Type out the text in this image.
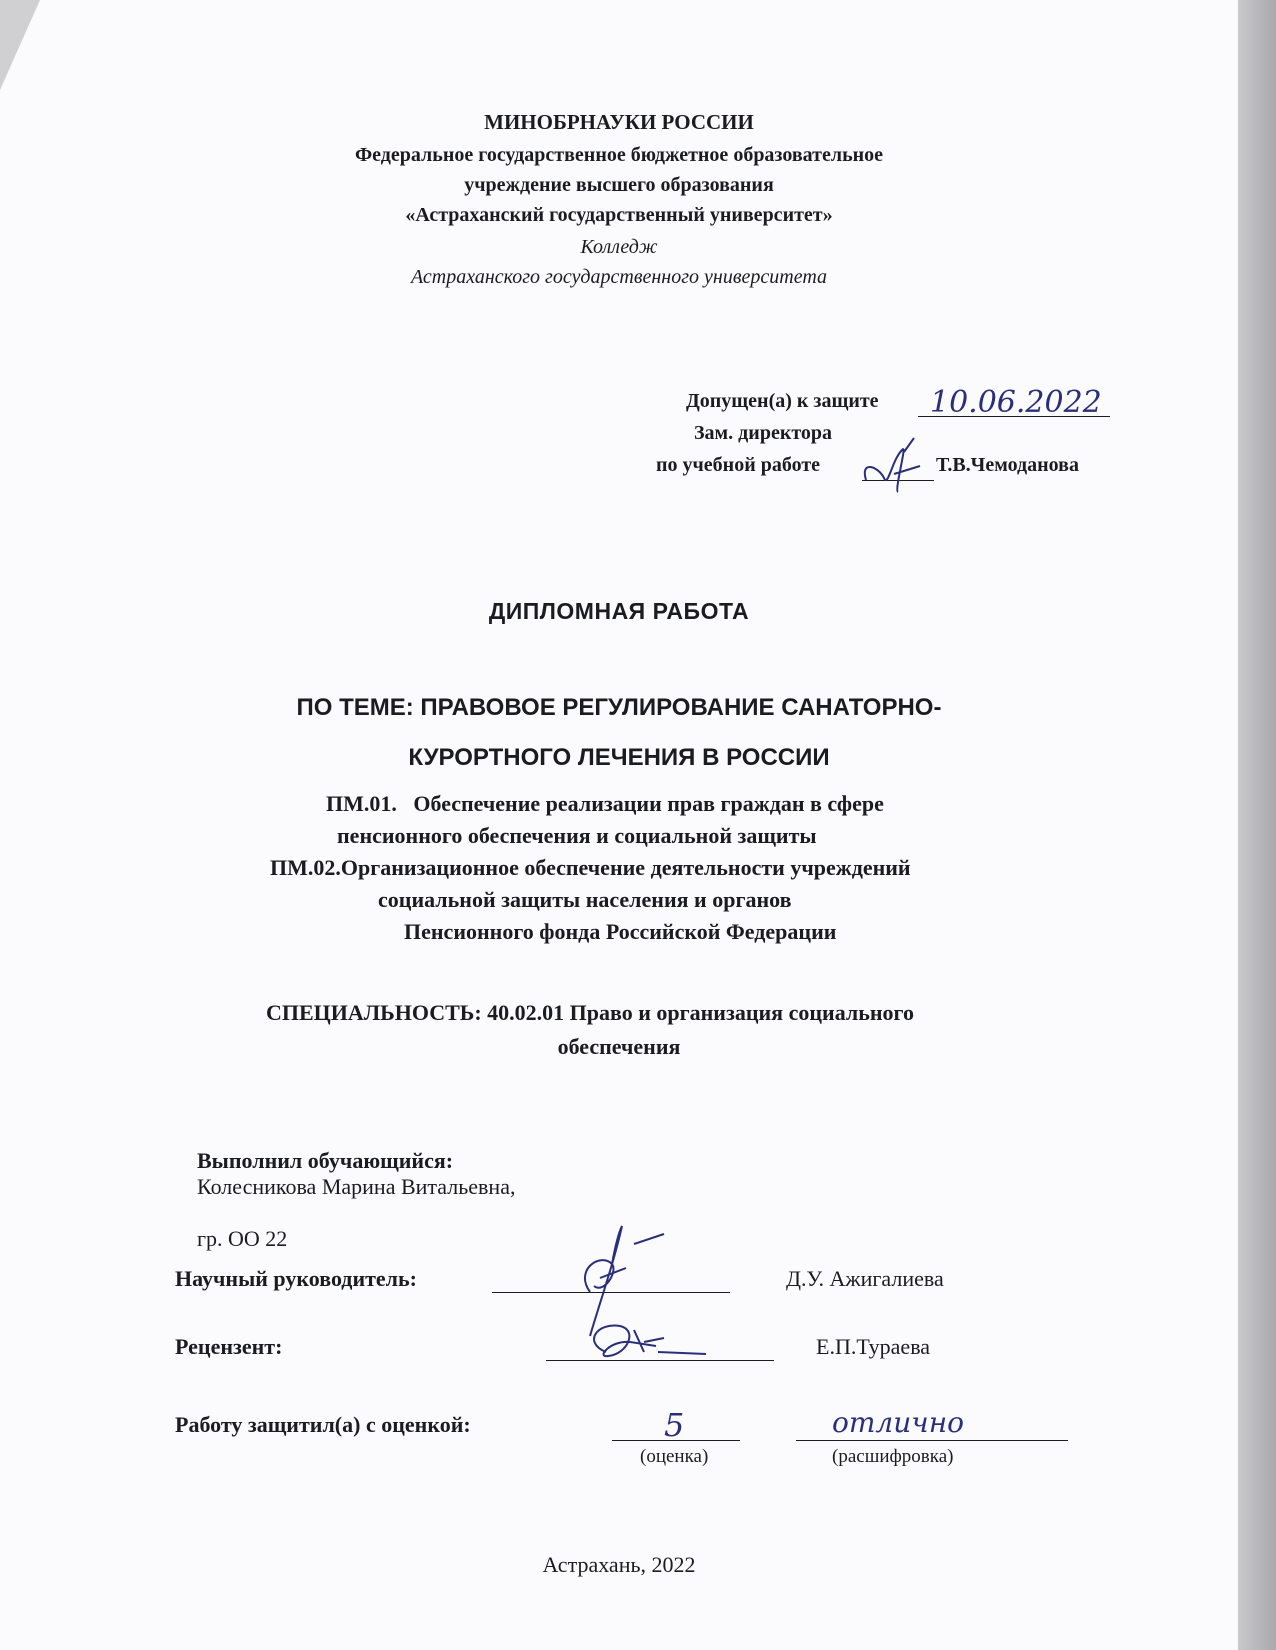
МИНОБРНАУКИ РОССИИ
Федеральное государственное бюджетное образовательное
учреждение высшего образования
«Астраханский государственный университет»
Колледж
Астраханского государственного университета
Допущен(а) к защите 10.06.2022
Зам. директора
по учебной работе	Т.В.Чемоданова
ДИПЛОМНАЯ РАБОТА
ПО ТЕМЕ: ПРАВОВОЕ РЕГУЛИРОВАНИЕ САНАТОРНО-
КУРОРТНОГО ЛЕЧЕНИЯ В РОССИИ
ПМ.01.   Обеспечение реализации прав граждан в сфере
пенсионного обеспечения и социальной защиты
ПМ.02.Организационное обеспечение деятельности учреждений
социальной защиты населения и органов
Пенсионного фонда Российской Федерации
СПЕЦИАЛЬНОСТЬ: 40.02.01 Право и организация социального
обеспечения

Выполнил обучающийся:
Колесникова Марина Витальевна,

гр. ОО 22

Научный руководитель:	Д.У. Ажигалиева
Рецензент:	Е.П.Тураева
Работу защитил(а) с оценкой:	5	отлично
(оценка)	(расшифровка)
Астрахань, 2022
